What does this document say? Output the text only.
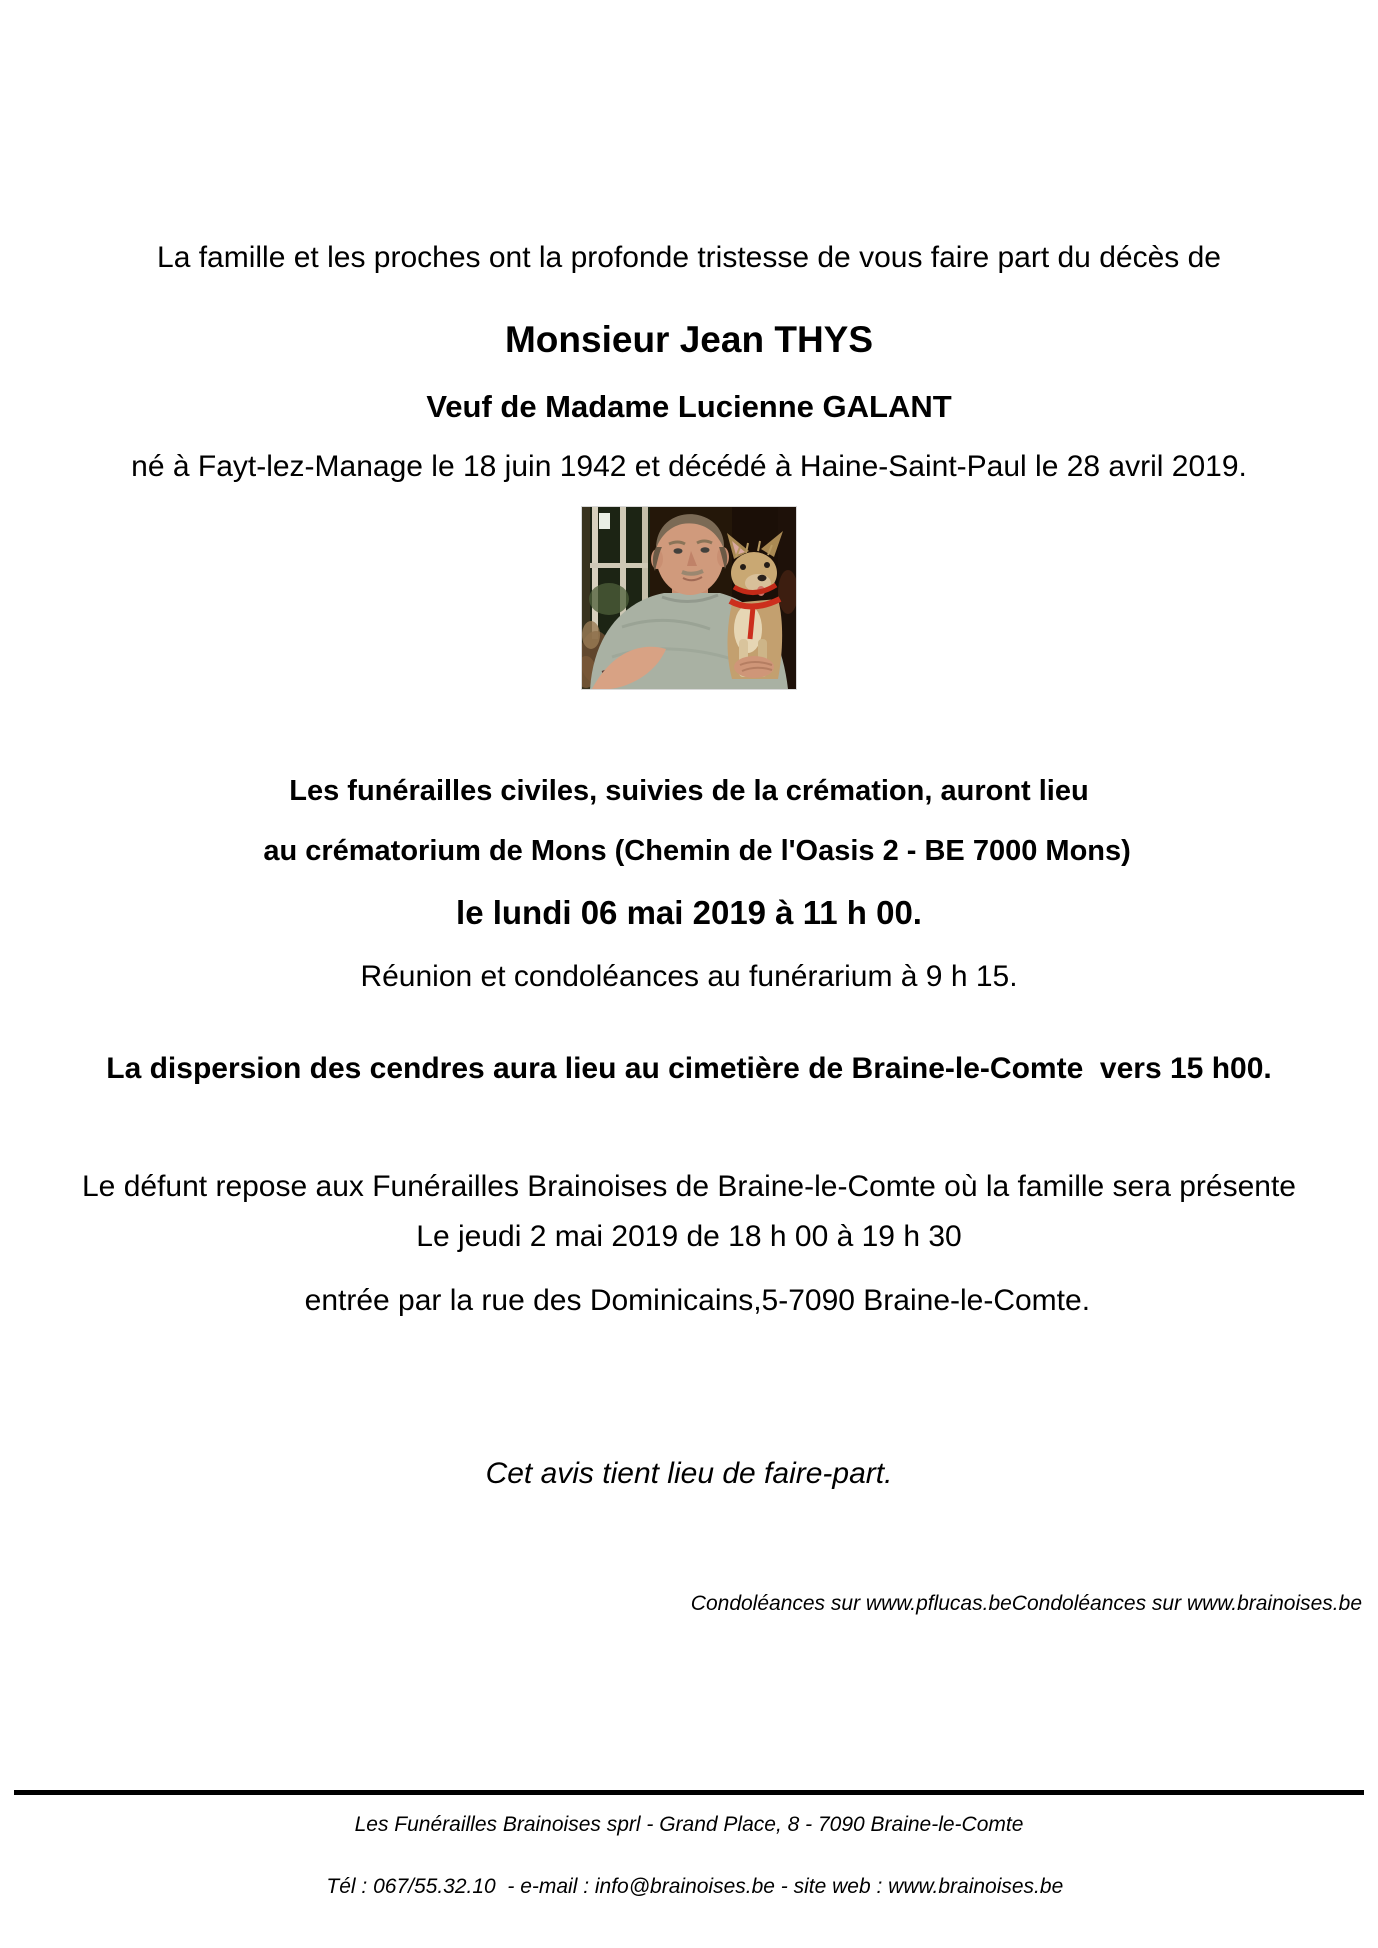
La famille et les proches ont la profonde tristesse de vous faire part du décès de
Monsieur Jean THYS
Veuf de Madame Lucienne GALANT
né à Fayt-lez-Manage le 18 juin 1942 et décédé à Haine-Saint-Paul le 28 avril 2019.
Les funérailles civiles, suivies de la crémation, auront lieu

au crématorium de Mons (Chemin de l'Oasis 2 - BE 7000 Mons)
le lundi 06 mai 2019 à 11 h 00.
Réunion et condoléances au funérarium à 9 h 15.
La dispersion des cendres aura lieu au cimetière de Braine-le-Comte  vers 15 h00.
Le défunt repose aux Funérailles Brainoises de Braine-le-Comte où la famille sera présente
Le jeudi 2 mai 2019 de 18 h 00 à 19 h 30

entrée par la rue des Dominicains,5-7090 Braine-le-Comte.
Cet avis tient lieu de faire-part.
Condoléances sur www.pflucas.beCondoléances sur www.brainoises.be
Les Funérailles Brainoises sprl - Grand Place, 8 - 7090 Braine-le-Comte

Tél : 067/55.32.10  - e-mail : info@brainoises.be - site web : www.brainoises.be
